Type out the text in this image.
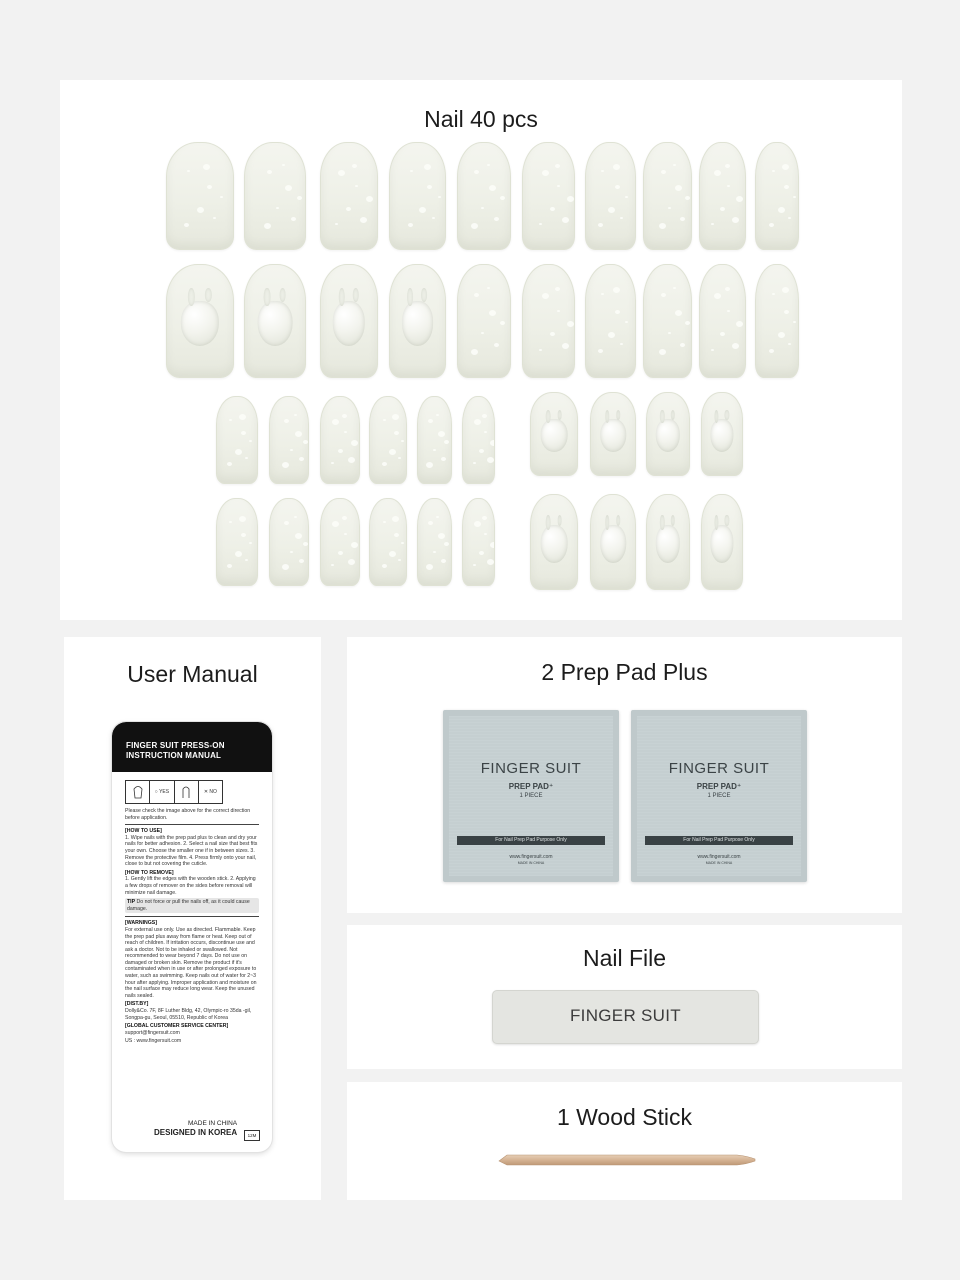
Nail 40 pcs
User Manual
FINGER SUIT PRESS-ON
INSTRUCTION MANUAL
○ YES	✕ NO
Please check the image above for the correct direction before application.
[HOW TO USE]
1. Wipe nails with the prep pad plus to clean and dry your nails for better adhesion. 2. Select a nail size that best fits your own. Choose the smaller one if in between sizes. 3. Remove the protective film. 4. Press firmly onto your nail, close to but not covering the cuticle.
[HOW TO REMOVE]
1. Gently lift the edges with the wooden stick. 2. Applying a few drops of remover on the sides before removal will minimize nail damage.
TIP Do not force or pull the nails off, as it could cause damage.
[WARNINGS]
For external use only. Use as directed. Flammable. Keep the prep pad plus away from flame or heat. Keep out of reach of children. If irritation occurs, discontinue use and ask a doctor. Not to be inhaled or swallowed. Not recommended to wear beyond 7 days. Do not use on damaged or broken skin. Remove the product if it's contaminated when in use or after prolonged exposure to water, such as swimming. Keep nails out of water for 2~3 hour after applying. Improper application and moisture on the nail surface may reduce long wear. Keep the unused nails sealed.
[DIST.BY]
Dolly&Co. 7F, 8F Luther Bldg, 42, Olympic-ro 35da -gil, Songpa-gu, Seoul, 05510, Republic of Korea
[GLOBAL CUSTOMER SERVICE CENTER]
support@fingersuit.com
US : www.fingersuit.com
MADE IN CHINA
DESIGNED IN KOREA	12M
2 Prep Pad Plus
FINGER SUIT
PREP PAD⁺
1 PIECE
For Nail Prep Pad Purpose Only
www.fingersuit.com
MADE IN CHINA
FINGER SUIT
PREP PAD⁺
1 PIECE
For Nail Prep Pad Purpose Only
www.fingersuit.com
MADE IN CHINA
Nail File
FINGER SUIT
1 Wood Stick
